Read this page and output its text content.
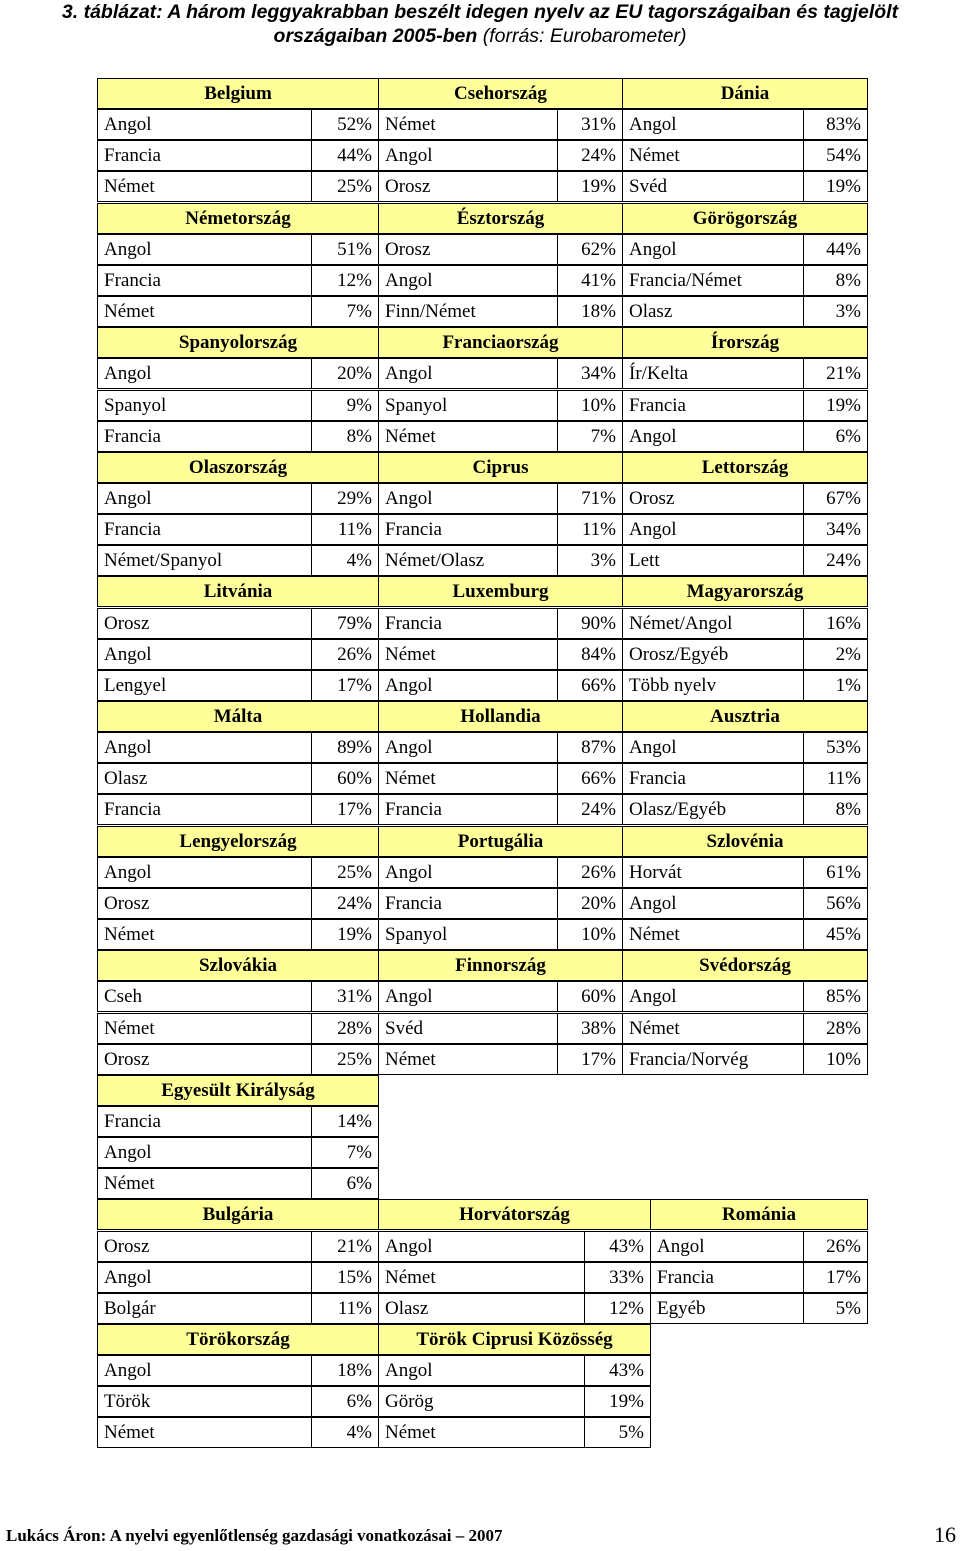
3. táblázat: A három leggyakrabban beszélt idegen nyelv az EU tagországaiban és tagjelölt
országaiban 2005-ben (forrás: Eurobarometer)
Belgium	Csehország	Dánia
Angol	52% Német	31% Angol	83%
Francia	44% Angol	24% Német	54%
Német	25% Orosz	19% Svéd	19%
Németország	Észtország	Görögország
Angol	51% Orosz	62% Angol	44%
Francia	12% Angol	41% Francia/Német	8%
Német	7% Finn/Német	18% Olasz	3%
Spanyolország	Franciaország	Írország
Angol	20% Angol	34% Ír/Kelta	21%
Spanyol	9% Spanyol	10% Francia	19%
Francia	8% Német	7% Angol	6%
Olaszország	Ciprus	Lettország
Angol	29% Angol	71% Orosz	67%
Francia	11% Francia	11% Angol	34%
Német/Spanyol	4% Német/Olasz	3% Lett	24%
Litvánia	Luxemburg	Magyarország
Orosz	79% Francia	90% Német/Angol	16%
Angol	26% Német	84% Orosz/Egyéb	2%
Lengyel	17% Angol	66% Több nyelv	1%
Málta	Hollandia	Ausztria
Angol	89% Angol	87% Angol	53%
Olasz	60% Német	66% Francia	11%
Francia	17% Francia	24% Olasz/Egyéb	8%
Lengyelország	Portugália	Szlovénia
Angol	25% Angol	26% Horvát	61%
Orosz	24% Francia	20% Angol	56%
Német	19% Spanyol	10% Német	45%
Szlovákia	Finnország	Svédország
Cseh	31% Angol	60% Angol	85%
Német	28% Svéd	38% Német	28%
Orosz	25% Német	17% Francia/Norvég	10%
Egyesült Királyság
Francia	14%
Angol	7%
Német	6%
Bulgária	Horvátország	Románia
Orosz	21% Angol	43% Angol	26%
Angol	15% Német	33% Francia	17%
Bolgár	11% Olasz	12% Egyéb	5%
Törökország	Török Ciprusi Közösség
Angol	18% Angol	43%
Török	6% Görög	19%
Német	4% Német	5%
Lukács Áron: A nyelvi egyenlőtlenség gazdasági vonatkozásai – 2007	16
